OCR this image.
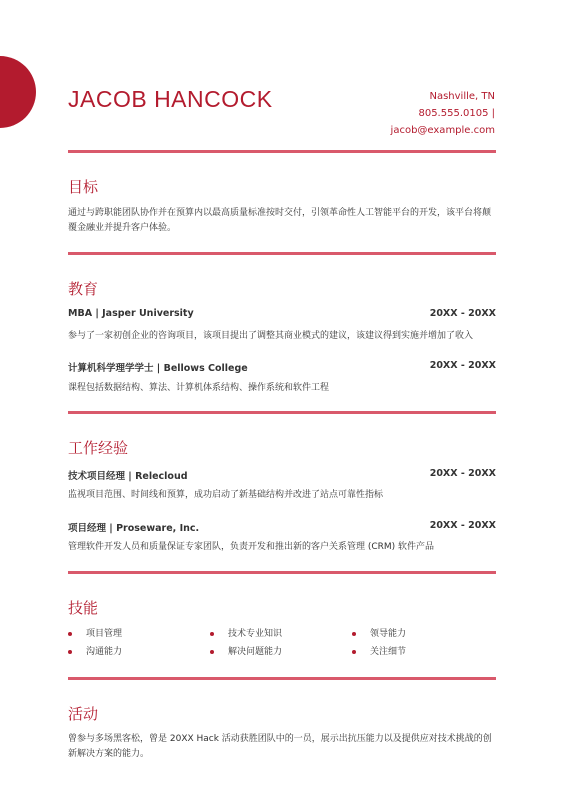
JACOB HANCOCK	Nashville, TN
805.555.0105 |
jacob@example.com
目标
通过与跨职能团队协作并在预算内以最高质量标准按时交付，引领革命性人工智能平台的开发，该平台将颠覆金融业并提升客户体验。
教育
MBA | Jasper University	20XX - 20XX
参与了一家初创企业的咨询项目，该项目提出了调整其商业模式的建议，该建议得到实施并增加了收入
计算机科学理学学士 | Bellows College	20XX - 20XX
课程包括数据结构、算法、计算机体系结构、操作系统和软件工程
工作经验
技术项目经理 | Relecloud	20XX - 20XX
监视项目范围、时间线和预算，成功启动了新基础结构并改进了站点可靠性指标
项目经理 | Proseware, Inc.	20XX - 20XX
管理软件开发人员和质量保证专家团队，负责开发和推出新的客户关系管理 (CRM) 软件产品
技能
项目管理
沟通能力
技术专业知识
解决问题能力
领导能力
关注细节
活动
曾参与多场黑客松，曾是 20XX Hack 活动获胜团队中的一员，展示出抗压能力以及提供应对技术挑战的创新解决方案的能力。
